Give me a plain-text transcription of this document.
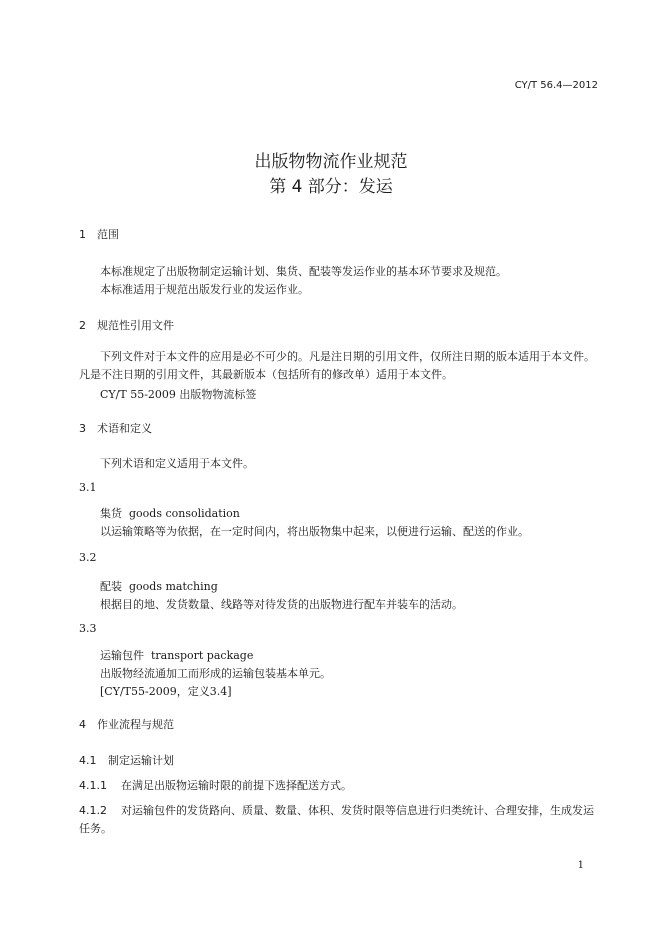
CY/T 56.4—2012
出版物物流作业规范
第 4 部分：发运
1 范围
本标准规定了出版物制定运输计划、集货、配装等发运作业的基本环节要求及规范。
本标准适用于规范出版发行业的发运作业。
2 规范性引用文件
下列文件对于本文件的应用是必不可少的。凡是注日期的引用文件，仅所注日期的版本适用于本文件。凡是不注日期的引用文件，其最新版本（包括所有的修改单）适用于本文件。
CY/T 55-2009 出版物物流标签
3 术语和定义
下列术语和定义适用于本文件。
3.1
集货 goods consolidation
以运输策略等为依据，在一定时间内，将出版物集中起来，以便进行运输、配送的作业。
3.2
配装 goods matching
根据目的地、发货数量、线路等对待发货的出版物进行配车并装车的活动。
3.3
运输包件 transport package
出版物经流通加工而形成的运输包装基本单元。
[CY/T55-2009，定义3.4]
4 作业流程与规范
4.1 制定运输计划
4.1.1 在满足出版物运输时限的前提下选择配送方式。
4.1.2 对运输包件的发货路向、质量、数量、体积、发货时限等信息进行归类统计、合理安排，生成发运任务。
1
